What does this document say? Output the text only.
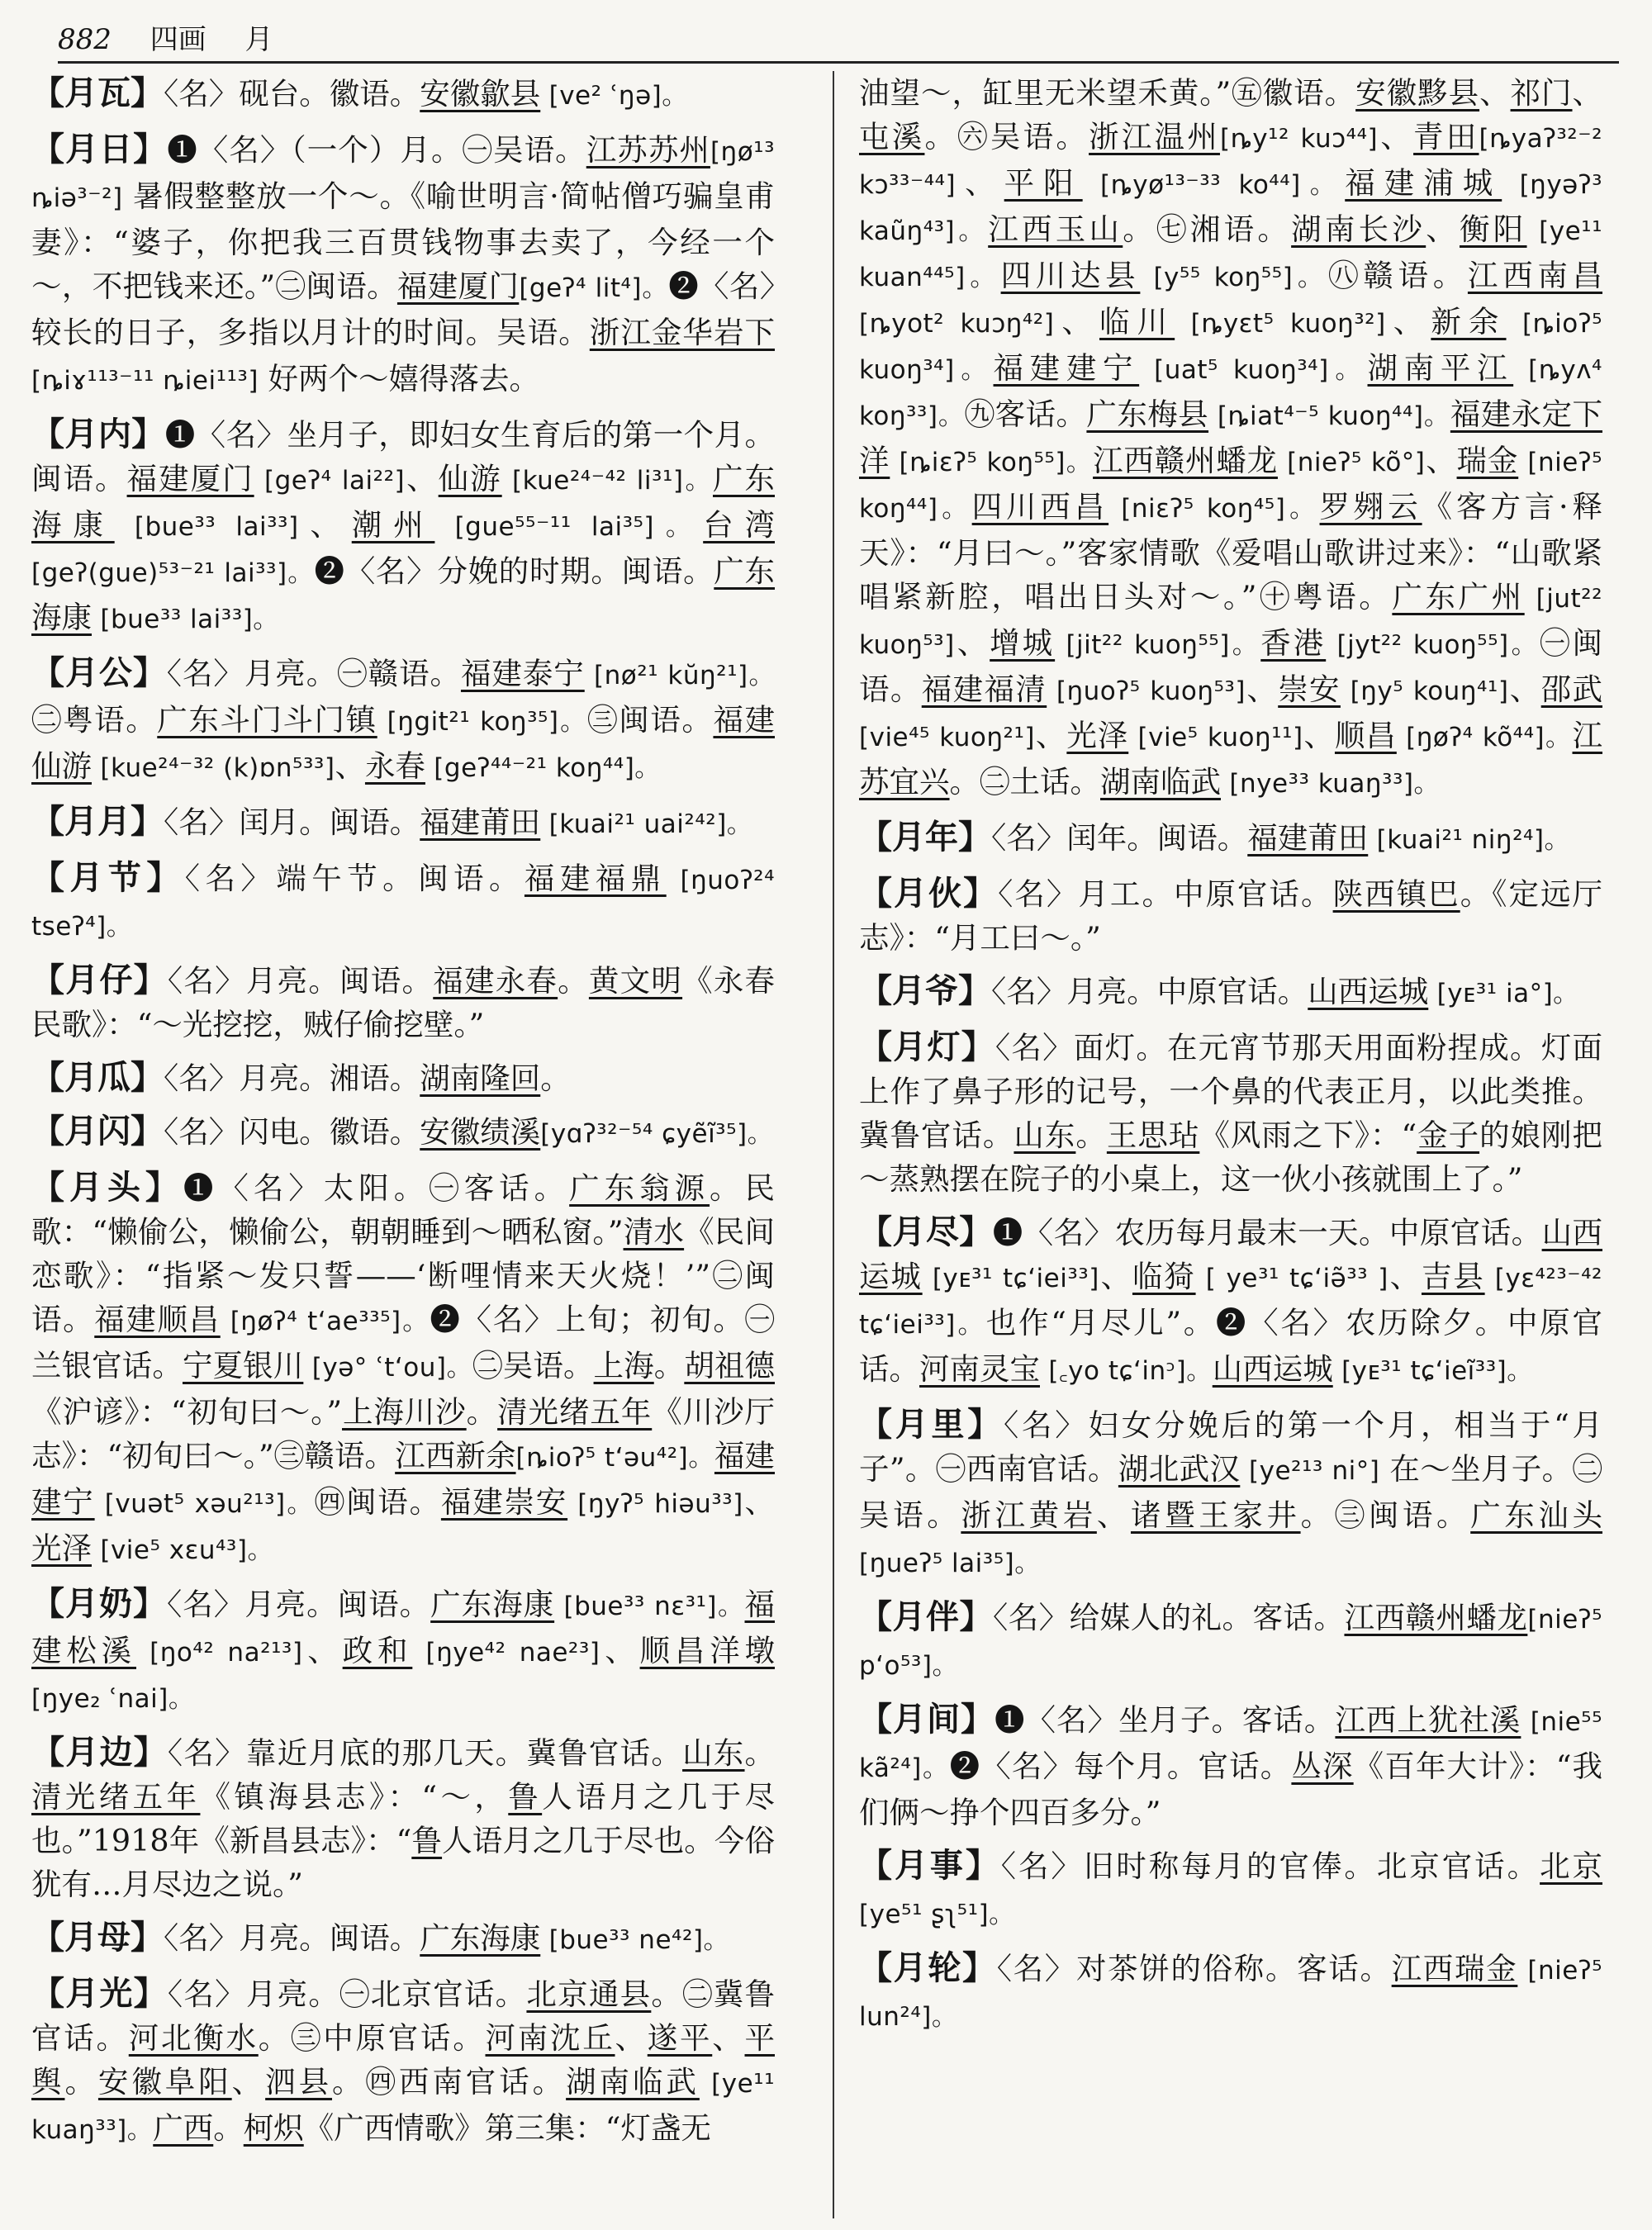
882 四画 月

【月瓦】〈名〉砚台。徽语。安徽歙县 [ve² ʿŋə]。

【月日】❶〈名〉（一个）月。㊀吴语。江苏苏州[ŋø¹³ ȵiə³⁻²] 暑假整整放一个～。《喻世明言·简帖僧巧骗皇甫妻》：“婆子，你把我三百贯钱物事去卖了，今经一个～，不把钱来还。”㊁闽语。福建厦门[geʔ⁴ lit⁴]。❷〈名〉较长的日子，多指以月计的时间。吴语。浙江金华岩下 [ȵiɤ¹¹³⁻¹¹ ȵiei¹¹³] 好两个～嬉得落去。

【月内】❶〈名〉坐月子，即妇女生育后的第一个月。闽语。福建厦门 [geʔ⁴ lai²²]、仙游 [kue²⁴⁻⁴² li³¹]。广东海康 [bue³³ lai³³]、潮州 [gue⁵⁵⁻¹¹ lai³⁵]。台湾 [geʔ(gue)⁵³⁻²¹ lai³³]。❷〈名〉分娩的时期。闽语。广东海康 [bue³³ lai³³]。

【月公】〈名〉月亮。㊀赣语。福建泰宁 [nø²¹ kŭŋ²¹]。㊁粤语。广东斗门斗门镇 [ŋgit²¹ koŋ³⁵]。㊂闽语。福建仙游 [kue²⁴⁻³² (k)ɒn⁵³³]、永春 [geʔ⁴⁴⁻²¹ koŋ⁴⁴]。

【月月】〈名〉闰月。闽语。福建莆田 [kuai²¹ uai²⁴²]。

【月节】〈名〉端午节。闽语。福建福鼎 [ŋuoʔ²⁴ tseʔ⁴]。

【月仔】〈名〉月亮。闽语。福建永春。黄文明《永春民歌》：“～光挖挖，贼仔偷挖壁。”

【月瓜】〈名〉月亮。湘语。湖南隆回。

【月闪】〈名〉闪电。徽语。安徽绩溪[yɑʔ³²⁻⁵⁴ ɕyẽĩ³⁵]。

【月头】❶〈名〉太阳。㊀客话。广东翁源。民歌：“懒偷公，懒偷公，朝朝睡到～晒私窗。”清水《民间恋歌》：“指紧～发只誓——‘断哩情来天火烧！’”㊁闽语。福建顺昌 [ŋøʔ⁴ tʻae³³⁵]。❷〈名〉上旬；初旬。㊀兰银官话。宁夏银川 [yə° ʿtʻou]。㊁吴语。上海。胡祖德《沪谚》：“初旬曰～。”上海川沙。清光绪五年《川沙厅志》：“初旬曰～。”㊂赣语。江西新余[ȵioʔ⁵ tʻəu⁴²]。福建建宁 [vuət⁵ xəu²¹³]。㊃闽语。福建崇安 [ŋyʔ⁵ hiəu³³]、光泽 [vie⁵ xɛu⁴³]。

【月奶】〈名〉月亮。闽语。广东海康 [bue³³ nɛ³¹]。福建松溪 [ŋo⁴² na²¹³]、政和 [ŋye⁴² nae²³]、顺昌洋墩 [ŋye₂ ʿnai]。

【月边】〈名〉靠近月底的那几天。冀鲁官话。山东。清光绪五年《镇海县志》：“～，鲁人语月之几于尽也。”1918年《新昌县志》：“鲁人语月之几于尽也。今俗犹有…月尽边之说。”

【月母】〈名〉月亮。闽语。广东海康 [bue³³ ne⁴²]。

【月光】〈名〉月亮。㊀北京官话。北京通县。㊁冀鲁官话。河北衡水。㊂中原官话。河南沈丘、遂平、平舆。安徽阜阳、泗县。㊃西南官话。湖南临武 [ye¹¹ kuaŋ³³]。广西。柯炽《广西情歌》第三集：“灯盏无

油望～，缸里无米望禾黄。”㊄徽语。安徽黟县、祁门、屯溪。㊅吴语。浙江温州[ȵy¹² kuɔ⁴⁴]、青田[ȵyaʔ³²⁻² kɔ³³⁻⁴⁴]、平阳 [ȵyø¹³⁻³³ ko⁴⁴]。福建浦城 [ŋyəʔ³ kaũŋ⁴³]。江西玉山。㊆湘语。湖南长沙、衡阳 [ye¹¹ kuan⁴⁴⁵]。四川达县 [y⁵⁵ koŋ⁵⁵]。㊇赣语。江西南昌 [ȵyot² kuɔŋ⁴²]、临川 [ȵyɛt⁵ kuoŋ³²]、新余 [ȵioʔ⁵ kuoŋ³⁴]。福建建宁 [uat⁵ kuoŋ³⁴]。湖南平江 [ȵyʌ⁴ koŋ³³]。㊈客话。广东梅县 [ȵiat⁴⁻⁵ kuoŋ⁴⁴]。福建永定下洋 [ȵiɛʔ⁵ koŋ⁵⁵]。江西赣州蟠龙 [nieʔ⁵ kõ°]、瑞金 [nieʔ⁵ koŋ⁴⁴]。四川西昌 [niɛʔ⁵ koŋ⁴⁵]。罗翙云《客方言·释天》：“月曰～。”客家情歌《爱唱山歌讲过来》：“山歌紧唱紧新腔，唱出日头对～。”㊉粤语。广东广州 [jut²² kuoŋ⁵³]、增城 [jit²² kuoŋ⁵⁵]。香港 [jyt²² kuoŋ⁵⁵]。㊀闽语。福建福清 [ŋuoʔ⁵ kuoŋ⁵³]、崇安 [ŋy⁵ kouŋ⁴¹]、邵武 [vie⁴⁵ kuoŋ²¹]、光泽 [vie⁵ kuoŋ¹¹]、顺昌 [ŋøʔ⁴ kõ⁴⁴]。江苏宜兴。㊁土话。湖南临武 [nye³³ kuaŋ³³]。

【月年】〈名〉闰年。闽语。福建莆田 [kuai²¹ niŋ²⁴]。

【月伙】〈名〉月工。中原官话。陕西镇巴。《定远厅志》：“月工曰～。”

【月爷】〈名〉月亮。中原官话。山西运城 [yᴇ³¹ ia°]。

【月灯】〈名〉面灯。在元宵节那天用面粉捏成。灯面上作了鼻子形的记号，一个鼻的代表正月，以此类推。冀鲁官话。山东。王思玷《风雨之下》：“金子的娘刚把～蒸熟摆在院子的小桌上，这一伙小孩就围上了。”

【月尽】❶〈名〉农历每月最末一天。中原官话。山西运城 [yᴇ³¹ tɕʻiei³³]、临猗 [ ye³¹ tɕʻiə̃³³ ]、吉县 [yɛ⁴²³⁻⁴² tɕʻiei³³]。也作“月尽儿”。❷〈名〉农历除夕。中原官话。河南灵宝 [꜀yo tɕʻinᵓ]。山西运城 [yᴇ³¹ tɕʻieĩ³³]。

【月里】〈名〉妇女分娩后的第一个月，相当于“月子”。㊀西南官话。湖北武汉 [ye²¹³ ni°] 在～坐月子。㊁吴语。浙江黄岩、诸暨王家井。㊂闽语。广东汕头 [ŋueʔ⁵ lai³⁵]。

【月伴】〈名〉给媒人的礼。客话。江西赣州蟠龙[nieʔ⁵ pʻo⁵³]。

【月间】❶〈名〉坐月子。客话。江西上犹社溪 [nie⁵⁵ kã²⁴]。❷〈名〉每个月。官话。丛深《百年大计》：“我们俩～挣个四百多分。”

【月事】〈名〉旧时称每月的官俸。北京官话。北京 [ye⁵¹ ʂʅ⁵¹]。

【月轮】〈名〉对茶饼的俗称。客话。江西瑞金 [nieʔ⁵ lun²⁴]。
